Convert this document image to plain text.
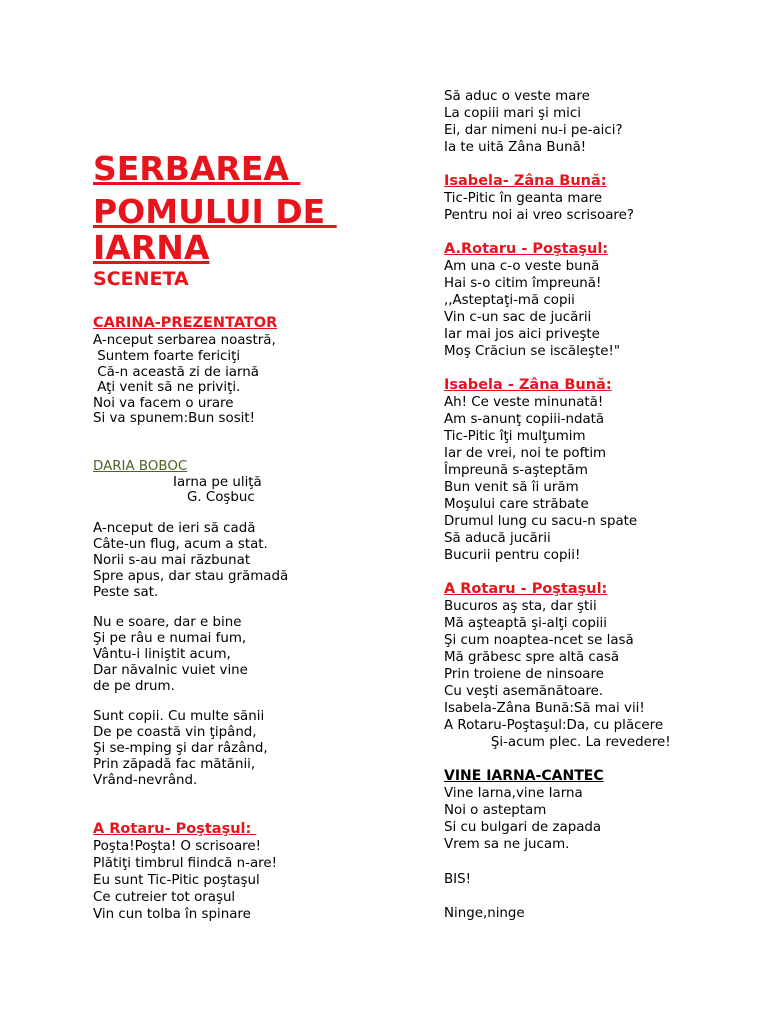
SERBAREA
POMULUI DE
IARNA
SCENETA
CARINA-PREZENTATOR
A-nceput serbarea noastră,
Suntem foarte fericiţi
Că-n această zi de iarnă
Aţi venit să ne priviţi.
Noi va facem o urare
Si va spunem:Bun sosit!
DARIA BOBOC
Iarna pe uliţă
G. Coşbuc
A-nceput de ieri să cadă
Câte-un flug, acum a stat.
Norii s-au mai răzbunat
Spre apus, dar stau grămadă
Peste sat.
Nu e soare, dar e bine
Şi pe râu e numai fum,
Vântu-i liniştit acum,
Dar năvalnic vuiet vine
de pe drum.
Sunt copii. Cu multe sănii
De pe coastă vin ţipând,
Şi se-mping şi dar râzând,
Prin zăpadă fac mătănii,
Vrând-nevrând.
A Rotaru- Poştaşul:
Poşta!Poşta! O scrisoare!
Plătiţi timbrul fiindcă n-are!
Eu sunt Tic-Pitic poştaşul
Ce cutreier tot oraşul
Vin cun tolba în spinare
Să aduc o veste mare
La copiii mari şi mici
Ei, dar nimeni nu-i pe-aici?
Ia te uită Zâna Bună!
Isabela- Zâna Bună:
Tic-Pitic în geanta mare
Pentru noi ai vreo scrisoare?
A.Rotaru - Poştaşul:
Am una c-o veste bună
Hai s-o citim împreună!
,,Asteptaţi-mă copii
Vin c-un sac de jucării
Iar mai jos aici priveşte
Moş Crăciun se iscăleşte!"
Isabela - Zâna Bună:
Ah! Ce veste minunată!
Am s-anunţ copiii-ndată
Tic-Pitic îţi mulţumim
Iar de vrei, noi te poftim
Împreună s-aşteptăm
Bun venit să îi urăm
Moşului care străbate
Drumul lung cu sacu-n spate
Să aducă jucării
Bucurii pentru copii!
A Rotaru - Poştaşul:
Bucuros aş sta, dar ştii
Mă aşteaptă şi-alţi copiii
Şi cum noaptea-ncet se lasă
Mă grăbesc spre altă casă
Prin troiene de ninsoare
Cu veşti asemănătoare.
Isabela-Zâna Bună:Să mai vii!
A Rotaru-Poştaşul:Da, cu plăcere
Şi-acum plec. La revedere!
VINE IARNA-CANTEC
Vine Iarna,vine Iarna
Noi o asteptam
Si cu bulgari de zapada
Vrem sa ne jucam.
BIS!
Ninge,ninge
